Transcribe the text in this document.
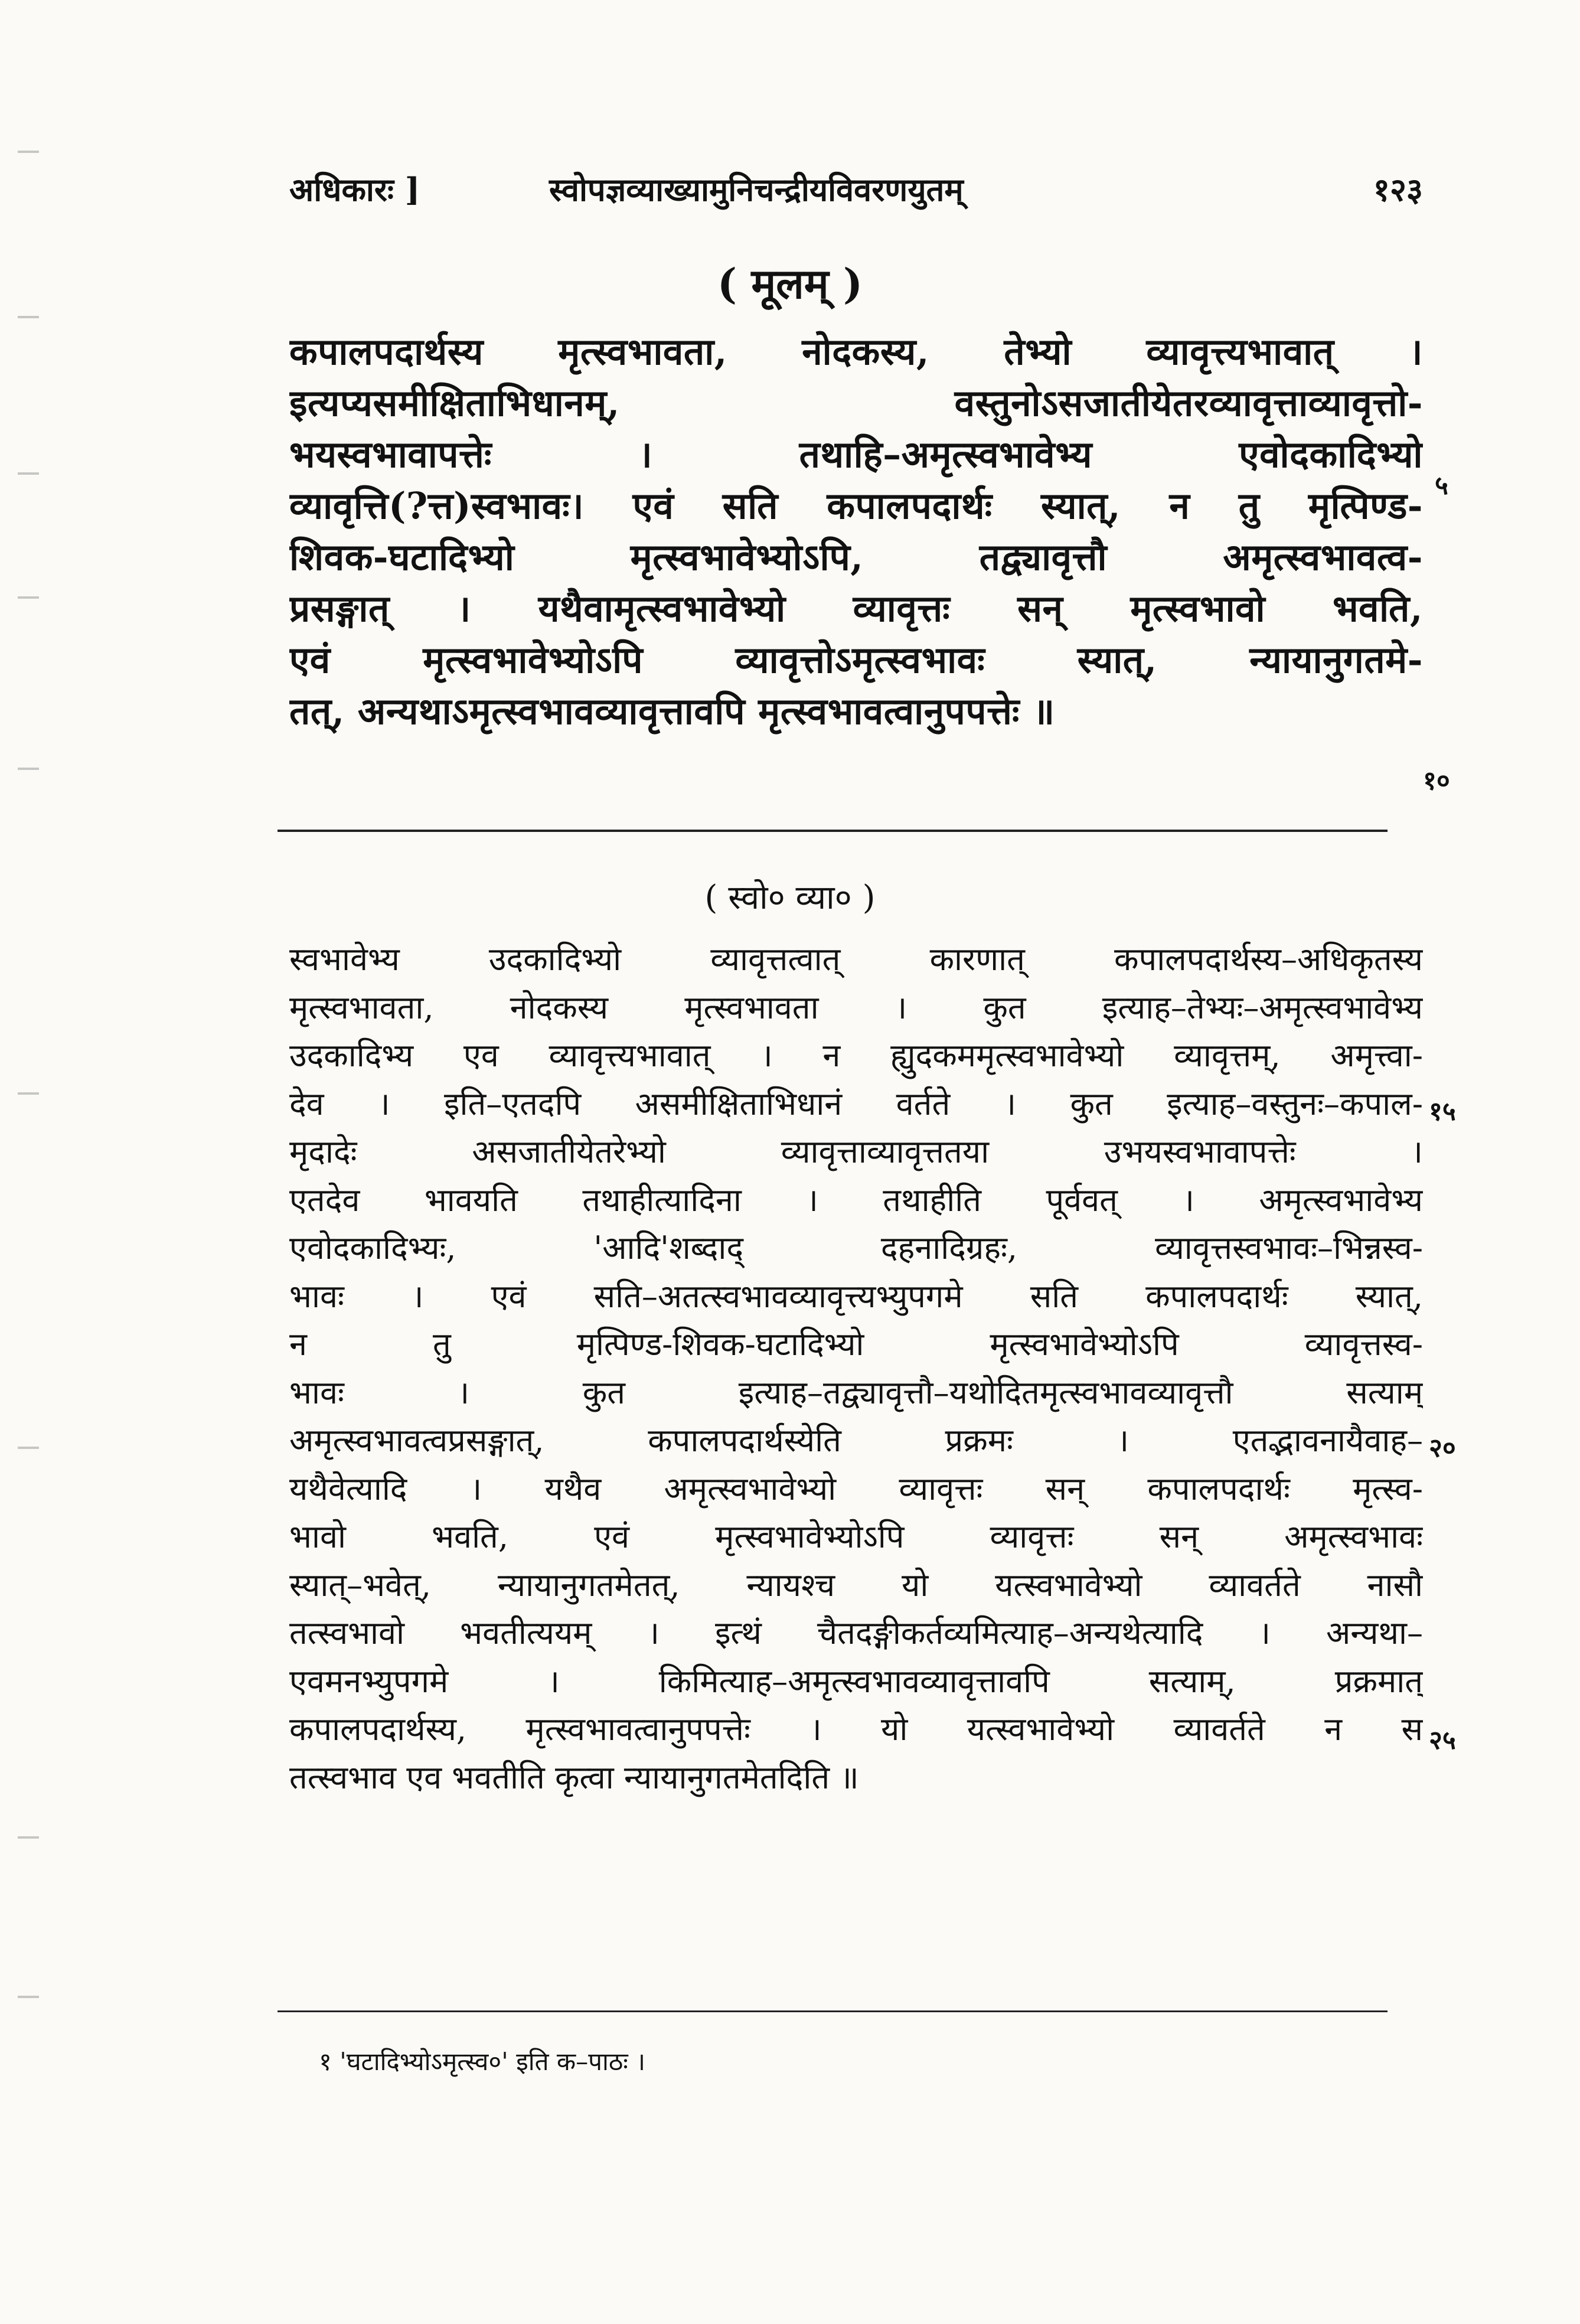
अधिकारः ]	स्वोपज्ञव्याख्यामुनिचन्द्रीयविवरणयुतम्	१२३
( मूलम् )
कपालपदार्थस्य मृत्स्वभावता, नोदकस्य, तेभ्यो व्यावृत्त्यभावात् ।
इत्यप्यसमीक्षिताभिधानम्, वस्तुनोऽसजातीयेतरव्यावृत्ताव्यावृत्तो-
भयस्वभावापत्तेः । तथाहि–अमृत्स्वभावेभ्य एवोदकादिभ्यो
व्यावृत्ति(?त्त)स्वभावः। एवं सति कपालपदार्थः स्यात्, न तु मृत्पिण्ड-
शिवक-घटादिभ्यो मृत्स्वभावेभ्योऽपि, तद्व्यावृत्तौ अमृत्स्वभावत्व-
प्रसङ्गात् । यथैवामृत्स्वभावेभ्यो व्यावृत्तः सन् मृत्स्वभावो भवति,
एवं मृत्स्वभावेभ्योऽपि व्यावृत्तोऽमृत्स्वभावः स्यात्, न्यायानुगतमे-
तत्, अन्यथाऽमृत्स्वभावव्यावृत्तावपि मृत्स्वभावत्वानुपपत्तेः ॥
५
१०
( स्वो० व्या० )
स्वभावेभ्य उदकादिभ्यो व्यावृत्तत्वात् कारणात् कपालपदार्थस्य–अधिकृतस्य
मृत्स्वभावता, नोदकस्य मृत्स्वभावता । कुत इत्याह–तेभ्यः–अमृत्स्वभावेभ्य
उदकादिभ्य एव व्यावृत्त्यभावात् । न ह्युदकममृत्स्वभावेभ्यो व्यावृत्तम्, अमृत्त्वा-
देव । इति–एतदपि असमीक्षिताभिधानं वर्तते । कुत इत्याह–वस्तुनः–कपाल-
मृदादेः असजातीयेतरेभ्यो व्यावृत्ताव्यावृत्ततया उभयस्वभावापत्तेः ।
एतदेव भावयति तथाहीत्यादिना । तथाहीति पूर्ववत् । अमृत्स्वभावेभ्य
एवोदकादिभ्यः, 'आदि'शब्दाद् दहनादिग्रहः, व्यावृत्तस्वभावः–भिन्नस्व-
भावः । एवं सति–अतत्स्वभावव्यावृत्त्यभ्युपगमे सति कपालपदार्थः स्यात्,
न तु मृत्पिण्ड-शिवक-घटादिभ्यो मृत्स्वभावेभ्योऽपि व्यावृत्तस्व-
भावः । कुत इत्याह–तद्व्यावृत्तौ–यथोदितमृत्स्वभावव्यावृत्तौ सत्याम्
अमृत्स्वभावत्वप्रसङ्गात्, कपालपदार्थस्येति प्रक्रमः । एतद्भावनायैवाह–
यथैवेत्यादि । यथैव अमृत्स्वभावेभ्यो व्यावृत्तः सन् कपालपदार्थः मृत्स्व-
भावो भवति, एवं मृत्स्वभावेभ्योऽपि व्यावृत्तः सन् अमृत्स्वभावः
स्यात्–भवेत्, न्यायानुगतमेतत्, न्यायश्च यो यत्स्वभावेभ्यो व्यावर्तते नासौ
तत्स्वभावो भवतीत्ययम् । इत्थं चैतदङ्गीकर्तव्यमित्याह–अन्यथेत्यादि । अन्यथा–
एवमनभ्युपगमे । किमित्याह–अमृत्स्वभावव्यावृत्तावपि सत्याम्, प्रक्रमात्
कपालपदार्थस्य, मृत्स्वभावत्वानुपपत्तेः । यो यत्स्वभावेभ्यो व्यावर्तते न स
तत्स्वभाव एव भवतीति कृत्वा न्यायानुगतमेतदिति ॥
१५
२०
२५
१ 'घटादिभ्योऽमृत्स्व०' इति क–पाठः ।
